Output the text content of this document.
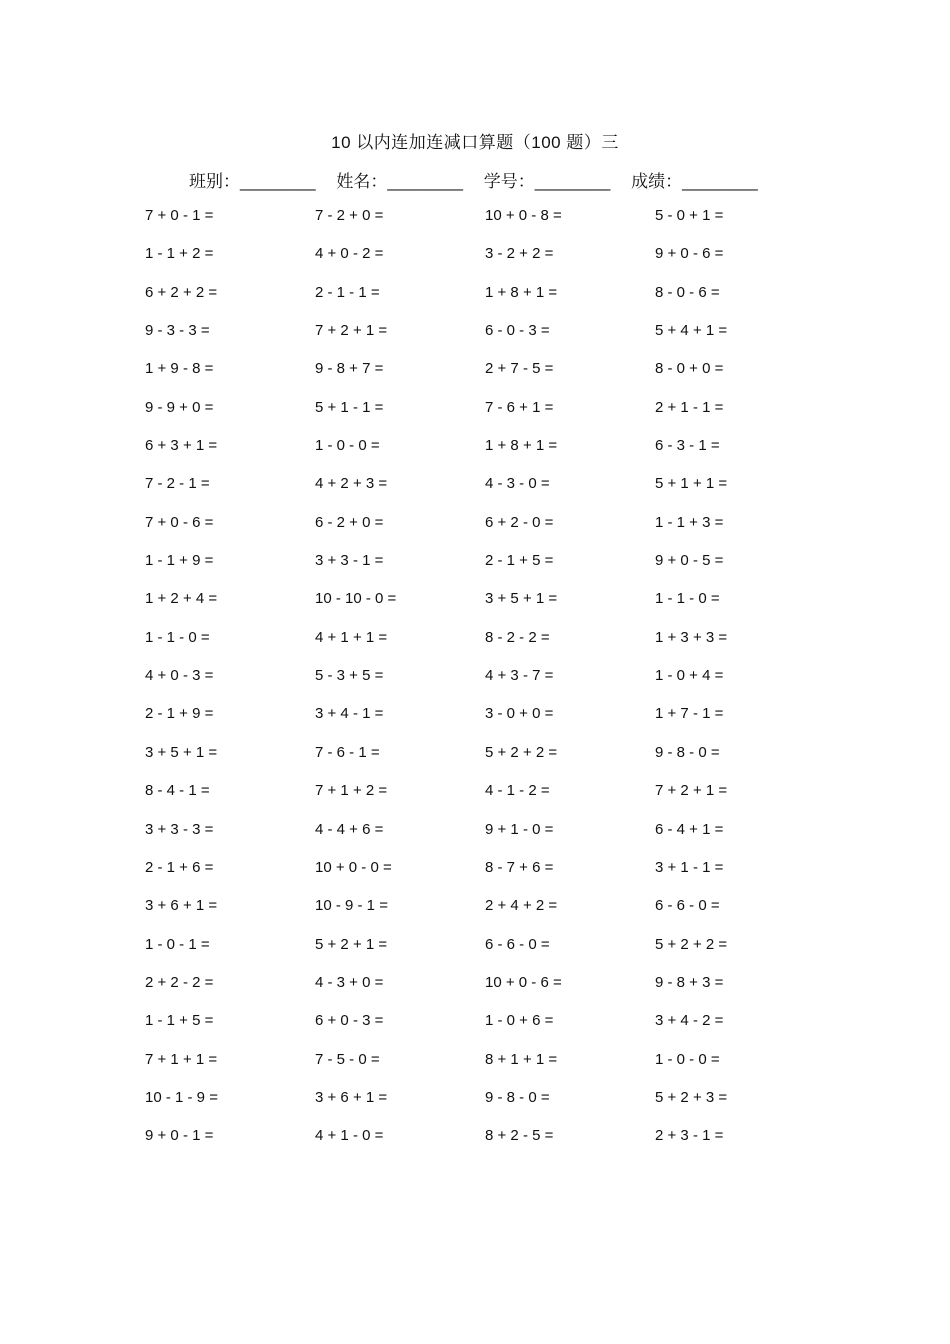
10 以内连加连减口算题（100 题）三
班别：________ 姓名：________ 学号：________ 成绩：________
7 + 0 - 1 =	7 - 2 + 0 =	10 + 0 - 8 =	5 - 0 + 1 =
1 - 1 + 2 =	4 + 0 - 2 =	3 - 2 + 2 =	9 + 0 - 6 =
6 + 2 + 2 =	2 - 1 - 1 =	1 + 8 + 1 =	8 - 0 - 6 =
9 - 3 - 3 =	7 + 2 + 1 =	6 - 0 - 3 =	5 + 4 + 1 =
1 + 9 - 8 =	9 - 8 + 7 =	2 + 7 - 5 =	8 - 0 + 0 =
9 - 9 + 0 =	5 + 1 - 1 =	7 - 6 + 1 =	2 + 1 - 1 =
6 + 3 + 1 =	1 - 0 - 0 =	1 + 8 + 1 =	6 - 3 - 1 =
7 - 2 - 1 =	4 + 2 + 3 =	4 - 3 - 0 =	5 + 1 + 1 =
7 + 0 - 6 =	6 - 2 + 0 =	6 + 2 - 0 =	1 - 1 + 3 =
1 - 1 + 9 =	3 + 3 - 1 =	2 - 1 + 5 =	9 + 0 - 5 =
1 + 2 + 4 =	10 - 10 - 0 =	3 + 5 + 1 =	1 - 1 - 0 =
1 - 1 - 0 =	4 + 1 + 1 =	8 - 2 - 2 =	1 + 3 + 3 =
4 + 0 - 3 =	5 - 3 + 5 =	4 + 3 - 7 =	1 - 0 + 4 =
2 - 1 + 9 =	3 + 4 - 1 =	3 - 0 + 0 =	1 + 7 - 1 =
3 + 5 + 1 =	7 - 6 - 1 =	5 + 2 + 2 =	9 - 8 - 0 =
8 - 4 - 1 =	7 + 1 + 2 =	4 - 1 - 2 =	7 + 2 + 1 =
3 + 3 - 3 =	4 - 4 + 6 =	9 + 1 - 0 =	6 - 4 + 1 =
2 - 1 + 6 =	10 + 0 - 0 =	8 - 7 + 6 =	3 + 1 - 1 =
3 + 6 + 1 =	10 - 9 - 1 =	2 + 4 + 2 =	6 - 6 - 0 =
1 - 0 - 1 =	5 + 2 + 1 =	6 - 6 - 0 =	5 + 2 + 2 =
2 + 2 - 2 =	4 - 3 + 0 =	10 + 0 - 6 =	9 - 8 + 3 =
1 - 1 + 5 =	6 + 0 - 3 =	1 - 0 + 6 =	3 + 4 - 2 =
7 + 1 + 1 =	7 - 5 - 0 =	8 + 1 + 1 =	1 - 0 - 0 =
10 - 1 - 9 =	3 + 6 + 1 =	9 - 8 - 0 =	5 + 2 + 3 =
9 + 0 - 1 =	4 + 1 - 0 =	8 + 2 - 5 =	2 + 3 - 1 =
